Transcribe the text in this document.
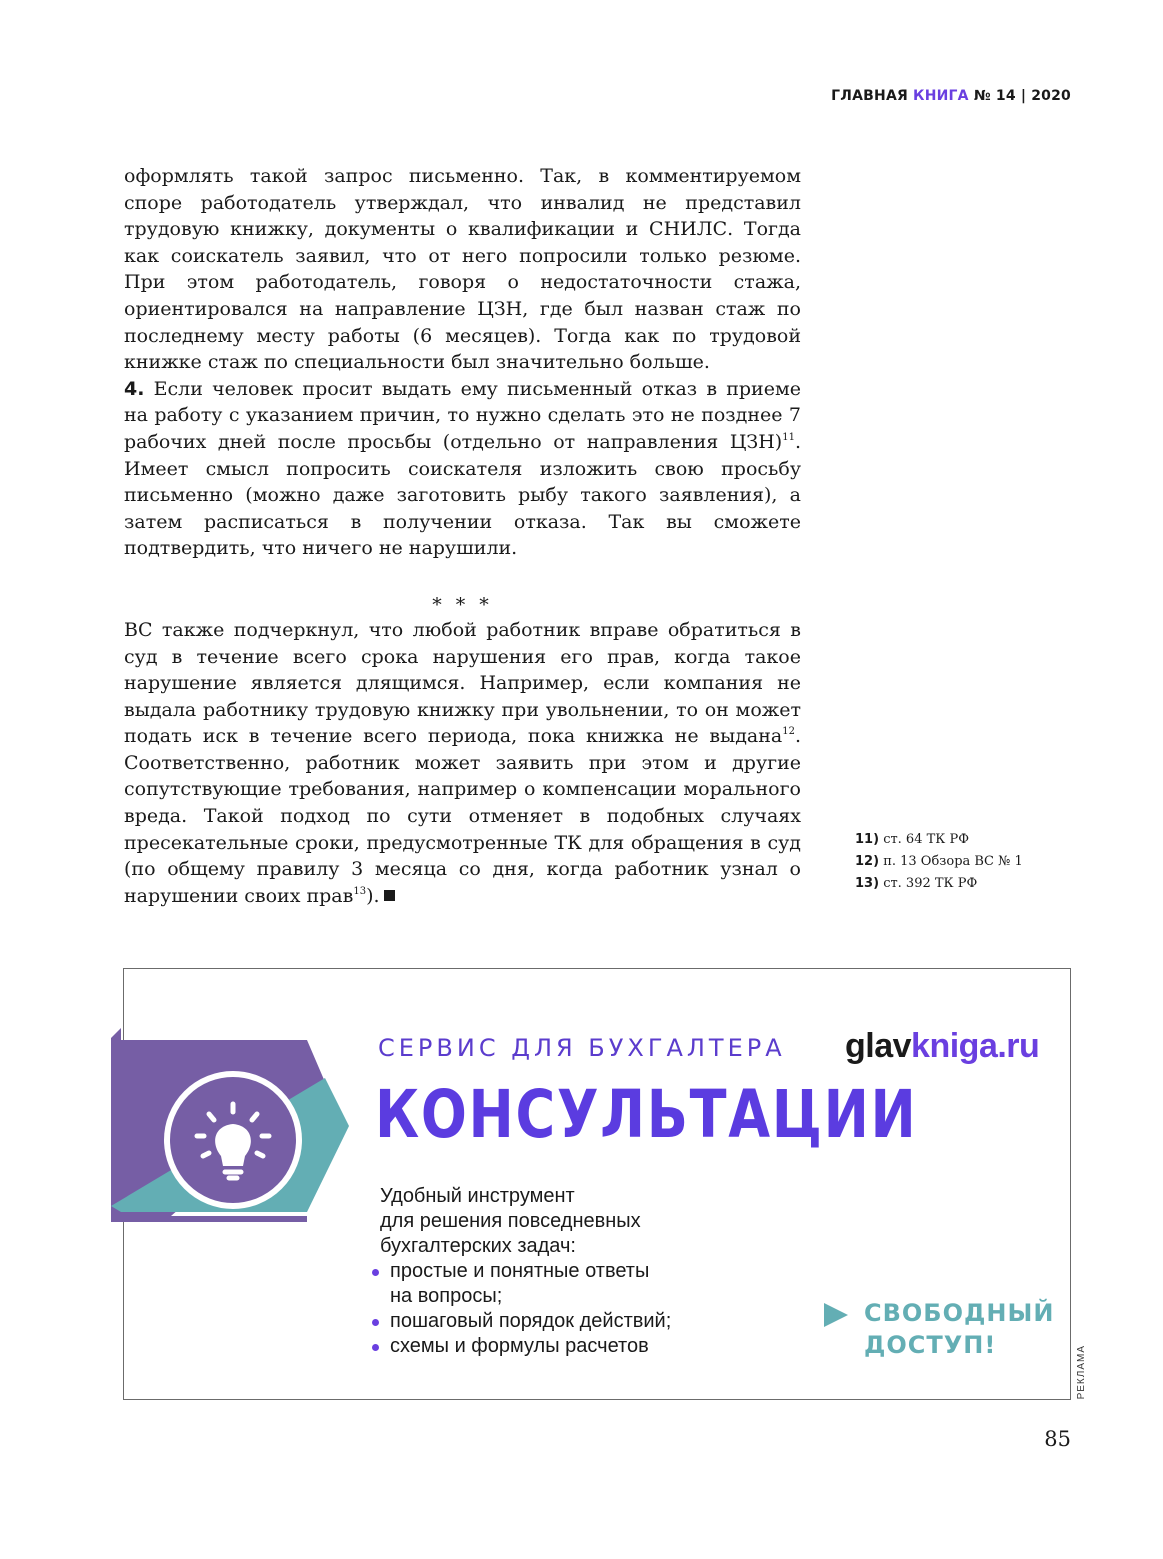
ГЛАВНАЯ КНИГА № 14 | 2020

оформлять такой запрос письменно. Так, в комментируемом споре работодатель утверждал, что инвалид не представил трудовую книжку, документы о квалификации и СНИЛС. Тогда как соискатель заявил, что от него попросили только резюме. При этом работодатель, говоря о недостаточности стажа, ориентировался на направление ЦЗН, где был назван стаж по последнему месту работы (6 месяцев). Тогда как по трудовой книжке стаж по специальности был значительно больше.

4. Если человек просит выдать ему письменный отказ в приеме на работу с указанием причин, то нужно сделать это не позднее 7 рабочих дней после просьбы (отдельно от направления ЦЗН)$^{11}$. Имеет смысл попросить соискателя изложить свою просьбу письменно (можно даже заготовить рыбу такого заявления), а затем расписаться в получении отказа. Так вы сможете подтвердить, что ничего не нарушили.

* * *

ВС также подчеркнул, что любой работник вправе обратиться в суд в течение всего срока нарушения его прав, когда такое нарушение является длящимся. Например, если компания не выдала работнику трудовую книжку при увольнении, то он может подать иск в течение всего периода, пока книжка не выдана$^{12}$. Соответственно, работник может заявить при этом и другие сопутствующие требования, например о компенсации морального вреда. Такой подход по сути отменяет в подобных случаях пресекательные сроки, предусмотренные ТК для обращения в суд (по общему правилу 3 месяца со дня, когда работник узнал о нарушении своих прав$^{13}$).

11) ст. 64 ТК РФ
12) п. 13 Обзора ВС № 1
13) ст. 392 ТК РФ
СЕРВИС ДЛЯ БУХГАЛТЕРА glavkniga.ru
КОНСУЛЬТАЦИИ
Удобный инструмент
для решения повседневных
бухгалтерских задач:
простые и понятные ответы на вопросы;
пошаговый порядок действий;
схемы и формулы расчетов
СВОБОДНЫЙ ДОСТУП!	РЕКЛАМА
85
